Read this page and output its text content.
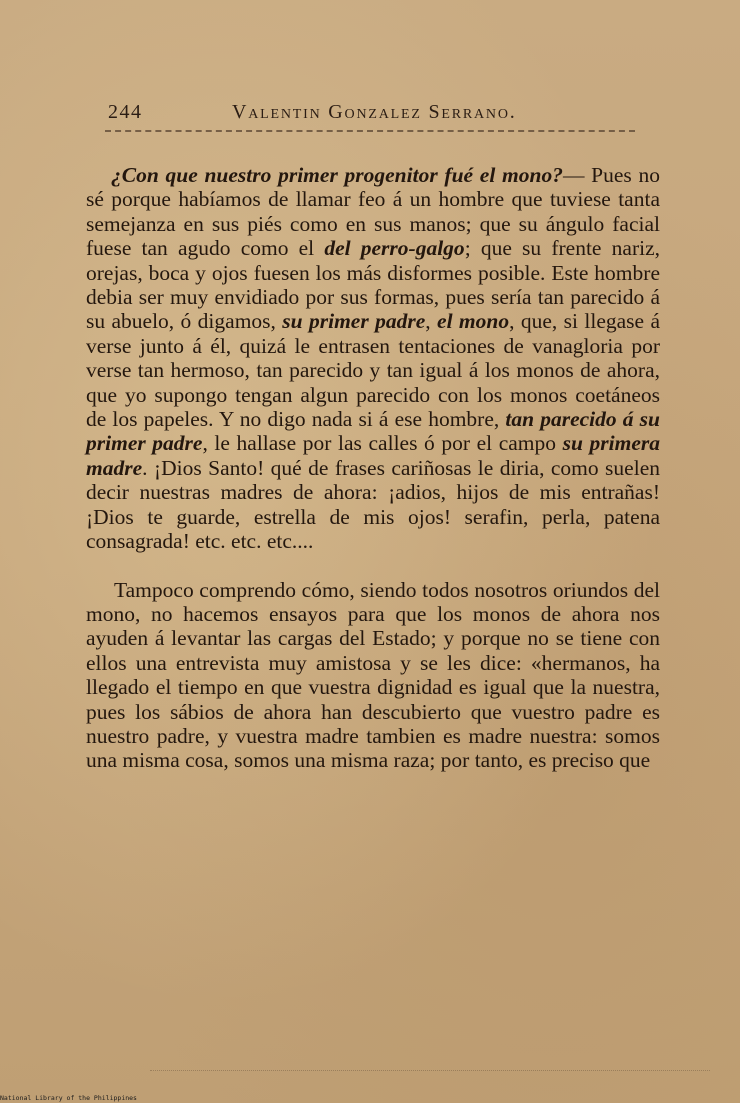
244	Valentin Gonzalez Serrano.

¿Con que nuestro primer progenitor fué el mono?— Pues no sé porque habíamos de llamar feo á un hombre que tuviese tanta semejanza en sus piés como en sus manos; que su ángulo facial fuese tan agudo como el del perro-galgo; que su frente nariz, orejas, boca y ojos fuesen los más disformes posible. Este hombre debia ser muy envidiado por sus formas, pues sería tan parecido á su abuelo, ó digamos, su primer padre, el mono, que, si llegase á verse junto á él, quizá le entrasen tentaciones de vanagloria por verse tan hermoso, tan parecido y tan igual á los monos de ahora, que yo supongo tengan algun parecido con los monos coetáneos de los papeles. Y no digo nada si á ese hombre, tan parecido á su primer padre, le hallase por las calles ó por el campo su primera madre. ¡Dios Santo! qué de frases cariñosas le diria, como suelen decir nuestras madres de ahora: ¡adios, hijos de mis entrañas! ¡Dios te guarde, estrella de mis ojos! serafin, perla, patena consagrada! etc. etc. etc....

Tampoco comprendo cómo, siendo todos nosotros oriundos del mono, no hacemos ensayos para que los monos de ahora nos ayuden á levantar las cargas del Estado; y porque no se tiene con ellos una entrevista muy amistosa y se les dice: «hermanos, ha llegado el tiempo en que vuestra dignidad es igual que la nuestra, pues los sábios de ahora han descubierto que vuestro padre es nuestro padre, y vuestra madre tambien es madre nuestra: somos una misma cosa, somos una misma raza; por tanto, es preciso que

National Library of the Philippines
